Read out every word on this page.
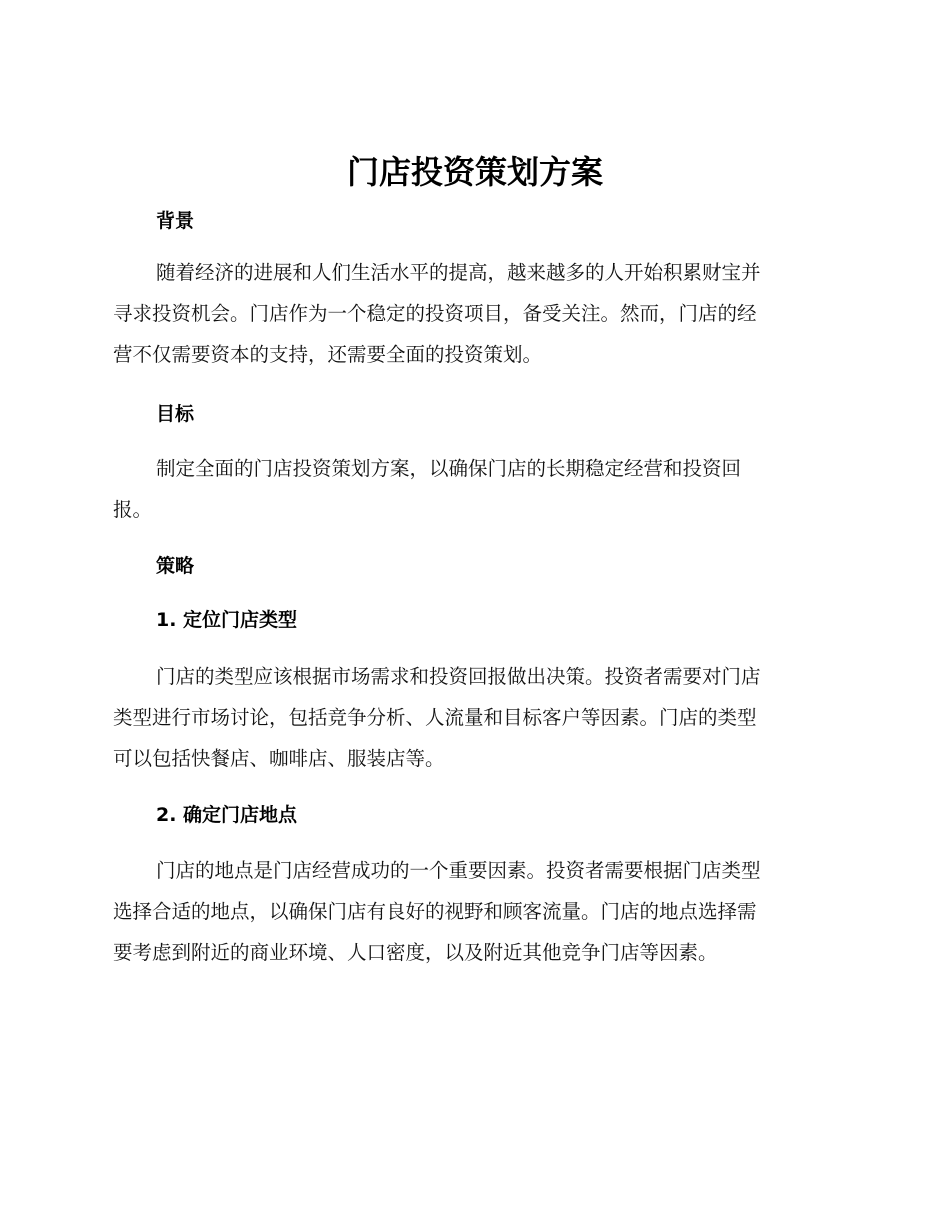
门店投资策划方案
背景
随着经济的进展和人们生活水平的提高，越来越多的人开始积累财宝并
寻求投资机会。门店作为一个稳定的投资项目，备受关注。然而，门店的经
营不仅需要资本的支持，还需要全面的投资策划。
目标
制定全面的门店投资策划方案，以确保门店的长期稳定经营和投资回
报。
策略
1. 定位门店类型
门店的类型应该根据市场需求和投资回报做出决策。投资者需要对门店
类型进行市场讨论，包括竞争分析、人流量和目标客户等因素。门店的类型
可以包括快餐店、咖啡店、服装店等。
2. 确定门店地点
门店的地点是门店经营成功的一个重要因素。投资者需要根据门店类型
选择合适的地点，以确保门店有良好的视野和顾客流量。门店的地点选择需
要考虑到附近的商业环境、人口密度，以及附近其他竞争门店等因素。
